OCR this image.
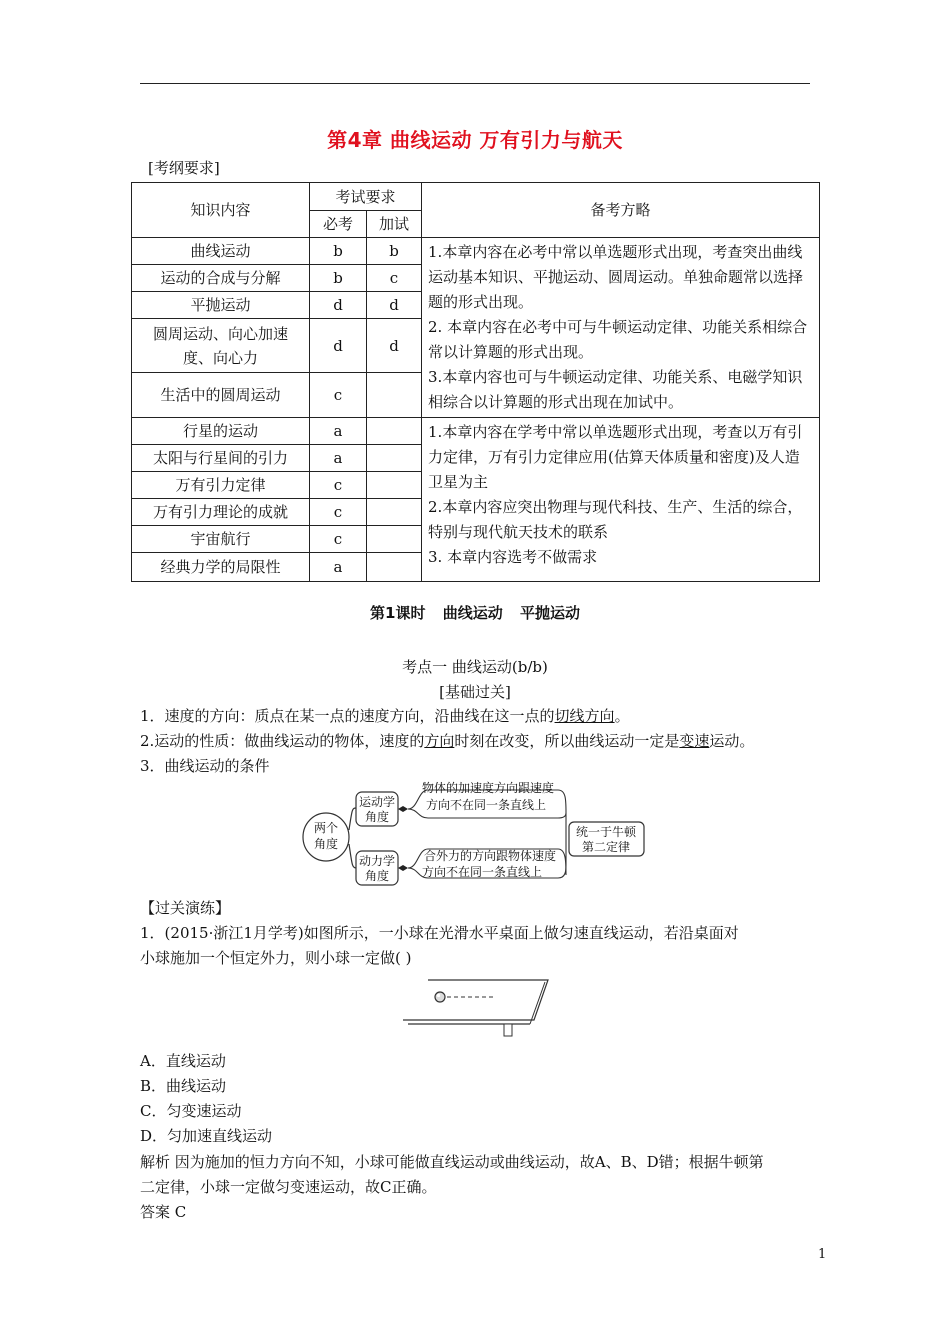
第4章 曲线运动 万有引力与航天
[考纲要求]
知识内容	考试要求		备考方略
	必考	加试	
曲线运动	b	b	1.本章内容在必考中常以单选题形式出现，考查突出曲线运动基本知识、平抛运动、圆周运动。单独命题常以选择题的形式出现。
2. 本章内容在必考中可与牛顿运动定律、功能关系相综合常以计算题的形式出现。
3.本章内容也可与牛顿运动定律、功能关系、电磁学知识相综合以计算题的形式出现在加试中。

运动的合成与分解	b	c	
平抛运动	d	d	
圆周运动、向心加速度、向心力	d	d	
生活中的圆周运动	c		
行星的运动	a		1.本章内容在学考中常以单选题形式出现，考查以万有引力定律，万有引力定律应用(估算天体质量和密度)及人造卫星为主
2.本章内容应突出物理与现代科技、生产、生活的综合，特别与现代航天技术的联系
3. 本章内容选考不做需求

太阳与行星间的引力	a		
万有引力定律	c		
万有引力理论的成就	c		
宇宙航行	c		
经典力学的局限性	a		
第1课时 曲线运动 平抛运动
考点一 曲线运动(b/b)
[基础过关]
1．速度的方向：质点在某一点的速度方向，沿曲线在这一点的切线方向。
2.运动的性质：做曲线运动的物体，速度的方向时刻在改变，所以曲线运动一定是变速运动。
3．曲线运动的条件
两个
角度
运动学
角度
动力学
角度
物体的加速度方向跟速度
方向不在同一条直线上
合外力的方向跟物体速度
方向不在同一条直线上
统一于牛顿
第二定律
【过关演练】
1．(2015·浙江1月学考)如图所示，一小球在光滑水平桌面上做匀速直线运动，若沿桌面对
小球施加一个恒定外力，则小球一定做( )
A．直线运动
B．曲线运动
C．匀变速运动
D．匀加速直线运动
解析 因为施加的恒力方向不知，小球可能做直线运动或曲线运动，故A、B、D错；根据牛顿第
二定律，小球一定做匀变速运动，故C正确。
答案 C
1
